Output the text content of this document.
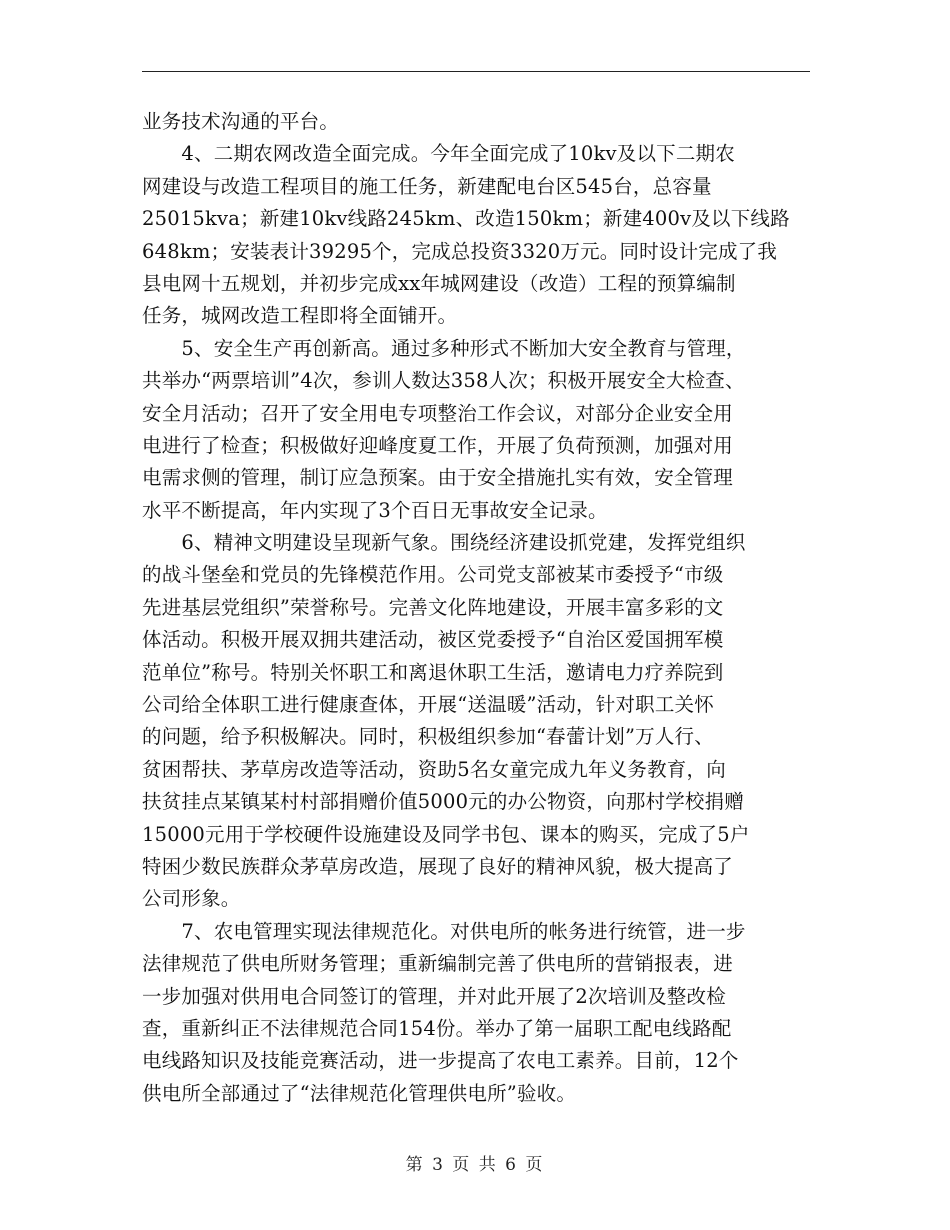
业务技术沟通的平台。
　　4、二期农网改造全面完成。今年全面完成了10kv及以下二期农
网建设与改造工程项目的施工任务，新建配电台区545台，总容量
25015kva；新建10kv线路245km、改造150km；新建400v及以下线路
648km；安装表计39295个，完成总投资3320万元。同时设计完成了我
县电网十五规划，并初步完成xx年城网建设（改造）工程的预算编制
任务，城网改造工程即将全面铺开。
　　5、安全生产再创新高。通过多种形式不断加大安全教育与管理，
共举办“两票培训”4次，参训人数达358人次；积极开展安全大检查、
安全月活动；召开了安全用电专项整治工作会议，对部分企业安全用
电进行了检查；积极做好迎峰度夏工作，开展了负荷预测，加强对用
电需求侧的管理，制订应急预案。由于安全措施扎实有效，安全管理
水平不断提高，年内实现了3个百日无事故安全记录。
　　6、精神文明建设呈现新气象。围绕经济建设抓党建，发挥党组织
的战斗堡垒和党员的先锋模范作用。公司党支部被某市委授予“市级
先进基层党组织”荣誉称号。完善文化阵地建设，开展丰富多彩的文
体活动。积极开展双拥共建活动，被区党委授予“自治区爱国拥军模
范单位”称号。特别关怀职工和离退休职工生活，邀请电力疗养院到
公司给全体职工进行健康查体，开展“送温暖”活动，针对职工关怀
的问题，给予积极解决。同时，积极组织参加“春蕾计划”万人行、
贫困帮扶、茅草房改造等活动，资助5名女童完成九年义务教育，向
扶贫挂点某镇某村村部捐赠价值5000元的办公物资，向那村学校捐赠
15000元用于学校硬件设施建设及同学书包、课本的购买，完成了5户
特困少数民族群众茅草房改造，展现了良好的精神风貌，极大提高了
公司形象。
　　7、农电管理实现法律规范化。对供电所的帐务进行统管，进一步
法律规范了供电所财务管理；重新编制完善了供电所的营销报表，进
一步加强对供用电合同签订的管理，并对此开展了2次培训及整改检
查，重新纠正不法律规范合同154份。举办了第一届职工配电线路配
电线路知识及技能竞赛活动，进一步提高了农电工素养。目前，12个
供电所全部通过了“法律规范化管理供电所”验收。
第 3 页 共 6 页
